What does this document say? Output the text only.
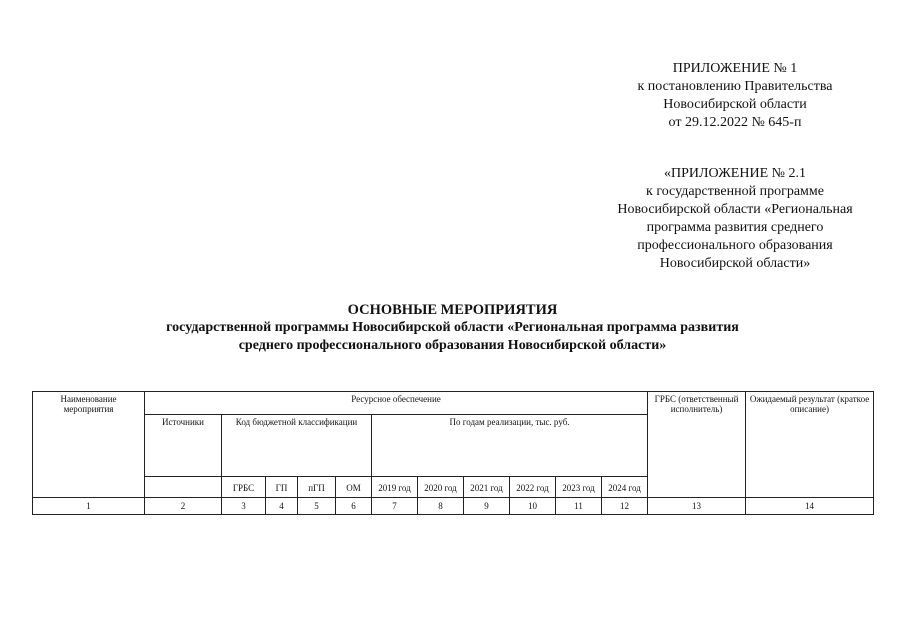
ПРИЛОЖЕНИЕ № 1
к постановлению Правительства
Новосибирской области
от 29.12.2022 № 645-п
«ПРИЛОЖЕНИЕ № 2.1
к государственной программе
Новосибирской области «Региональная
программа развития среднего
профессионального образования
Новосибирской области»
ОСНОВНЫЕ МЕРОПРИЯТИЯ
государственной программы Новосибирской области «Региональная программа развития
среднего профессионального образования Новосибирской области»
Наименование мероприятия	Ресурсное обеспечение											ГРБС (ответственный исполнитель)	Ожидаемый результат (краткое описание)
	Источники	Код бюджетной классификации				По годам реализации, тыс. руб.							
		ГРБС	ГП	пГП	ОМ	2019 год	2020 год	2021 год	2022 год	2023 год	2024 год		
1	2	3	4	5	6	7	8	9	10	11	12	13	14
